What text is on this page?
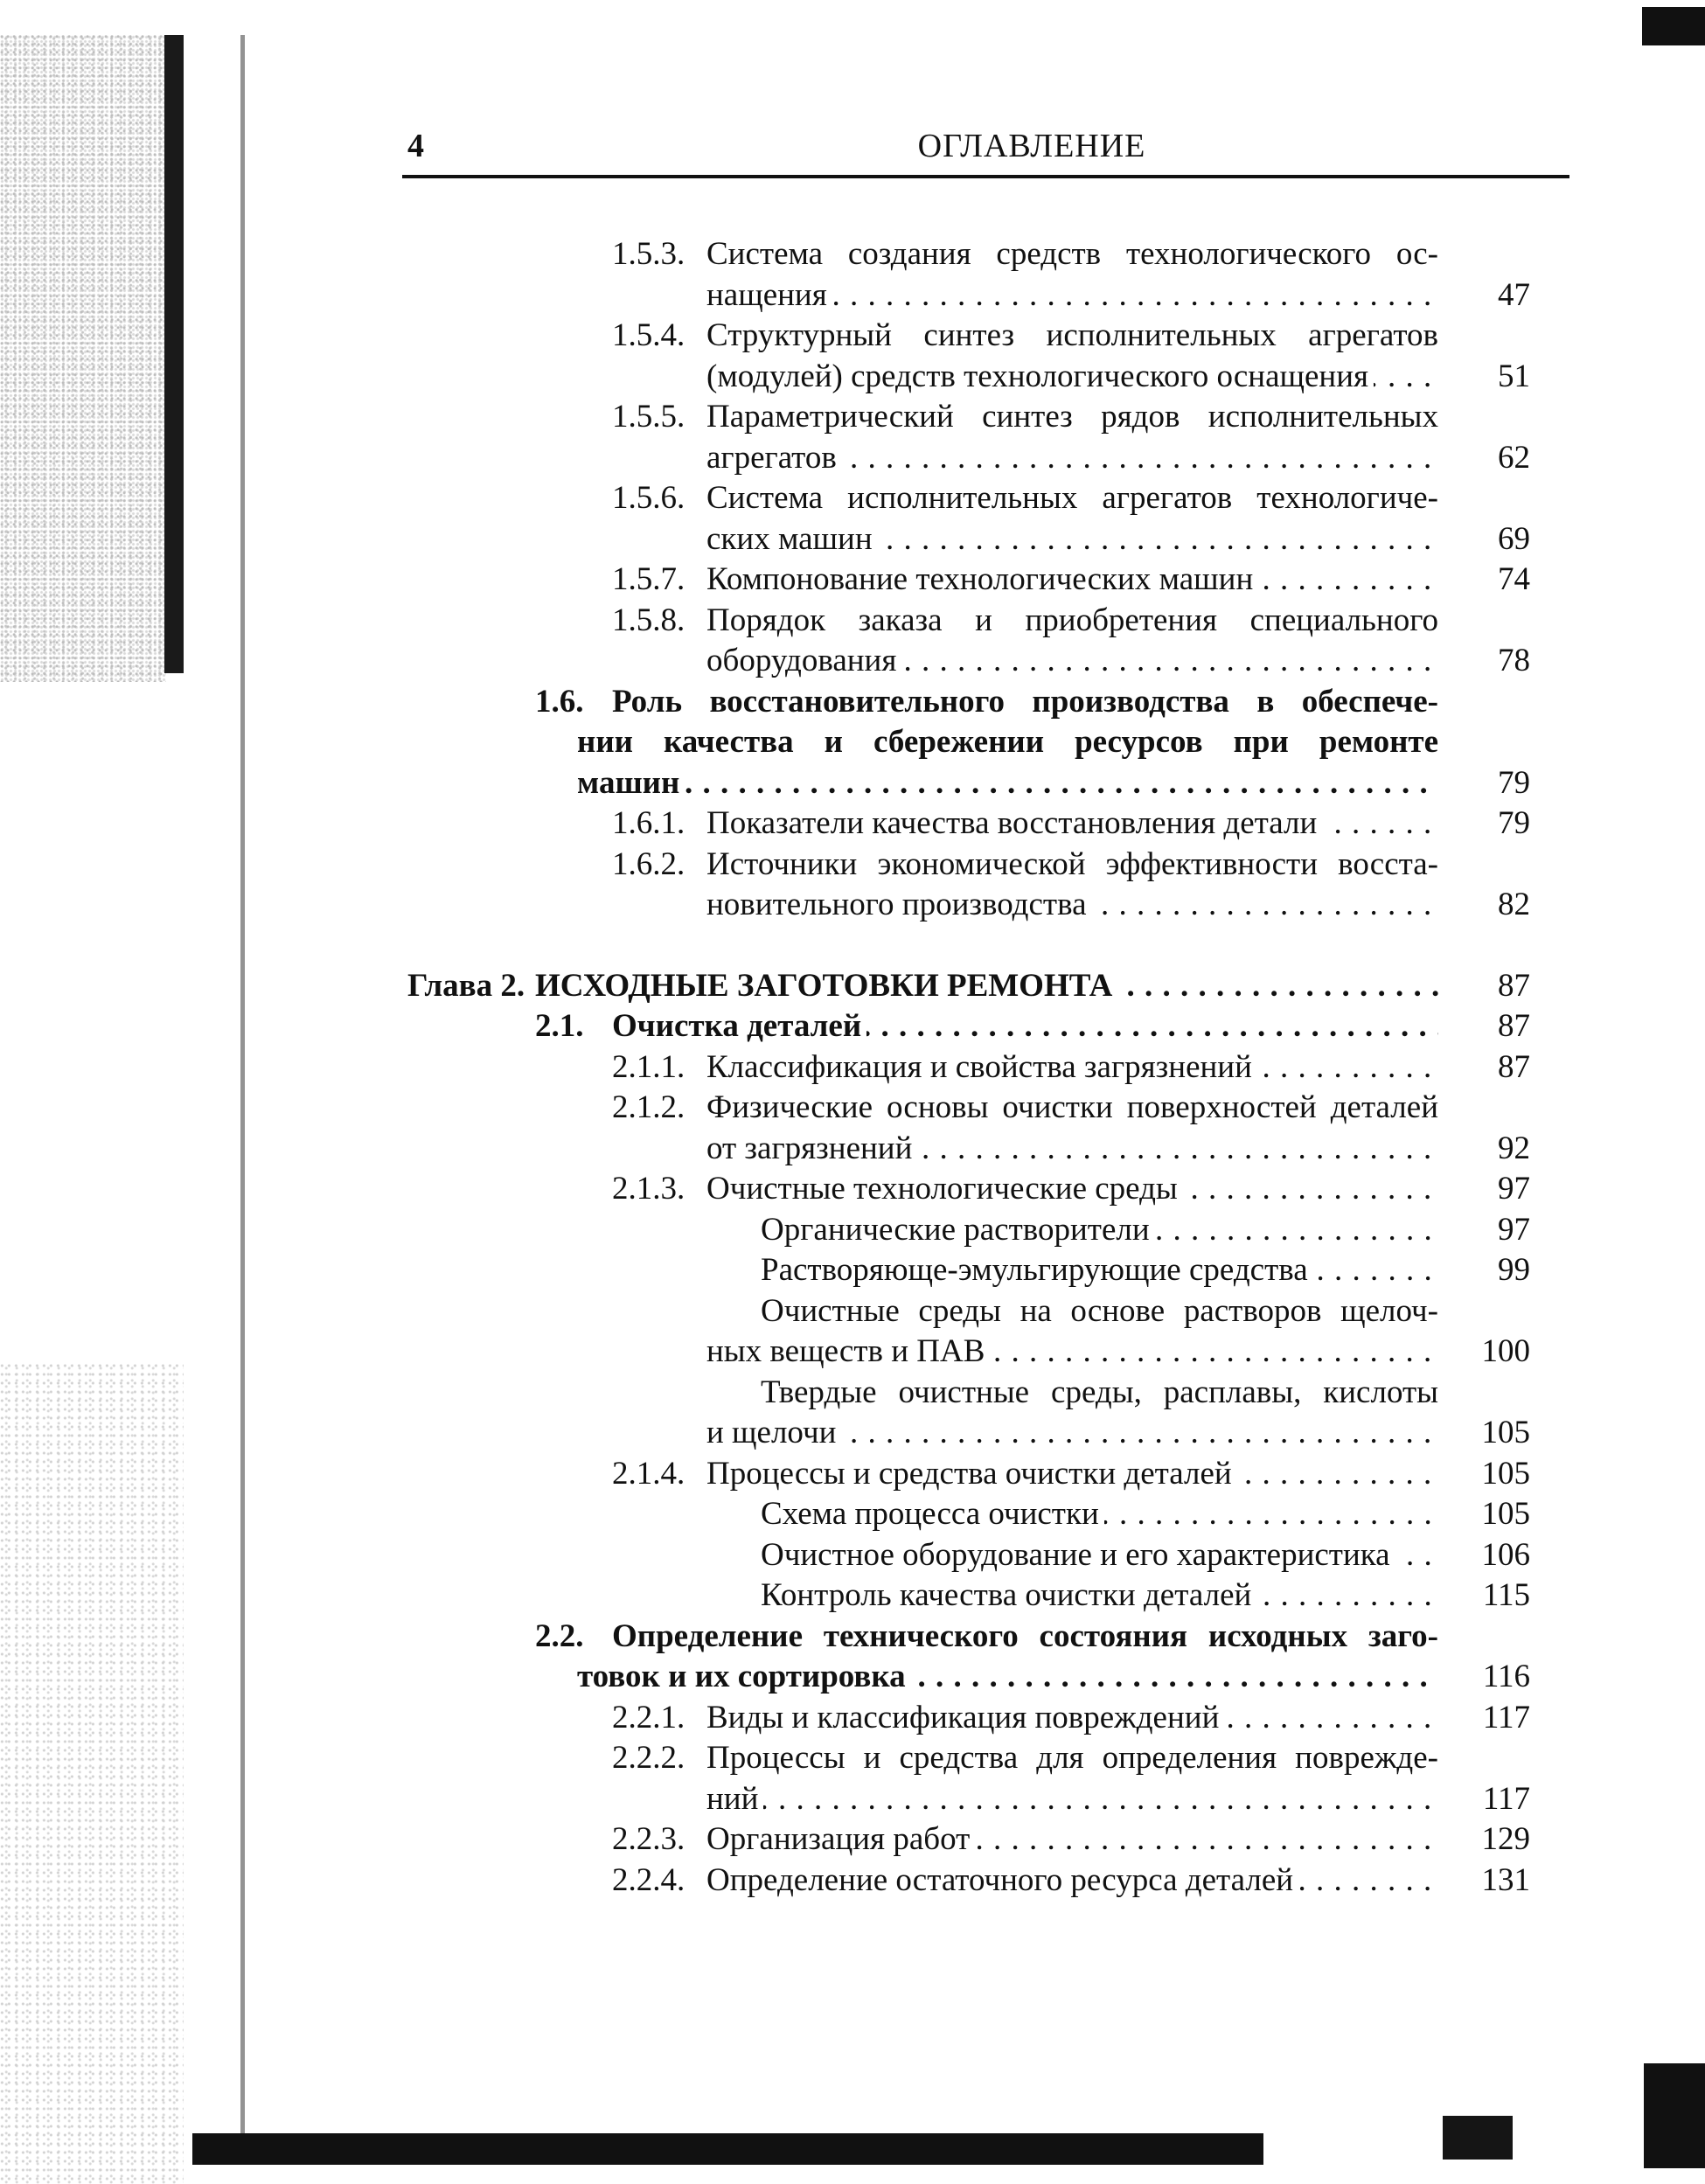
4	ОГЛАВЛЕНИЕ
1.5.3. Система создания средств технологического ос-
нащения . . .	47
1.5.4. Структурный синтез исполнительных агрегатов
(модулей) средств технологического оснащения . . .	51
1.5.5. Параметрический синтез рядов исполнительных
агрегатов . . .	62
1.5.6. Система исполнительных агрегатов технологиче-
ских машин . . .	69
1.5.7. Компонование технологических машин . . .	74
1.5.8. Порядок заказа и приобретения специального
оборудования . . .	78
1.6. Роль восстановительного производства в обеспече-
нии качества и сбережении ресурсов при ремонте
машин . . .	79
1.6.1. Показатели качества восстановления детали . . .	79
1.6.2. Источники экономической эффективности восста-
новительного производства . . .	82
Глава 2. ИСХОДНЫЕ ЗАГОТОВКИ РЕМОНТА . . .	87
2.1. Очистка деталей . . .	87
2.1.1. Классификация и свойства загрязнений . . .	87
2.1.2. Физические основы очистки поверхностей деталей
от загрязнений . . .	92
2.1.3. Очистные технологические среды . . .	97
Органические растворители . . .	97
Растворяюще-эмульгирующие средства . . .	99
Очистные среды на основе растворов щелоч-
ных веществ и ПАВ . . .	100
Твердые очистные среды, расплавы, кислоты
и щелочи . . .	105
2.1.4. Процессы и средства очистки деталей . . .	105
Схема процесса очистки . . .	105
Очистное оборудование и его характеристика . . .	106
Контроль качества очистки деталей . . .	115
2.2. Определение технического состояния исходных заго-
товок и их сортировка . . .	116
2.2.1. Виды и классификация повреждений . . .	117
2.2.2. Процессы и средства для определения поврежде-
ний . . .	117
2.2.3. Организация работ . . .	129
2.2.4. Определение остаточного ресурса деталей . . .	131
